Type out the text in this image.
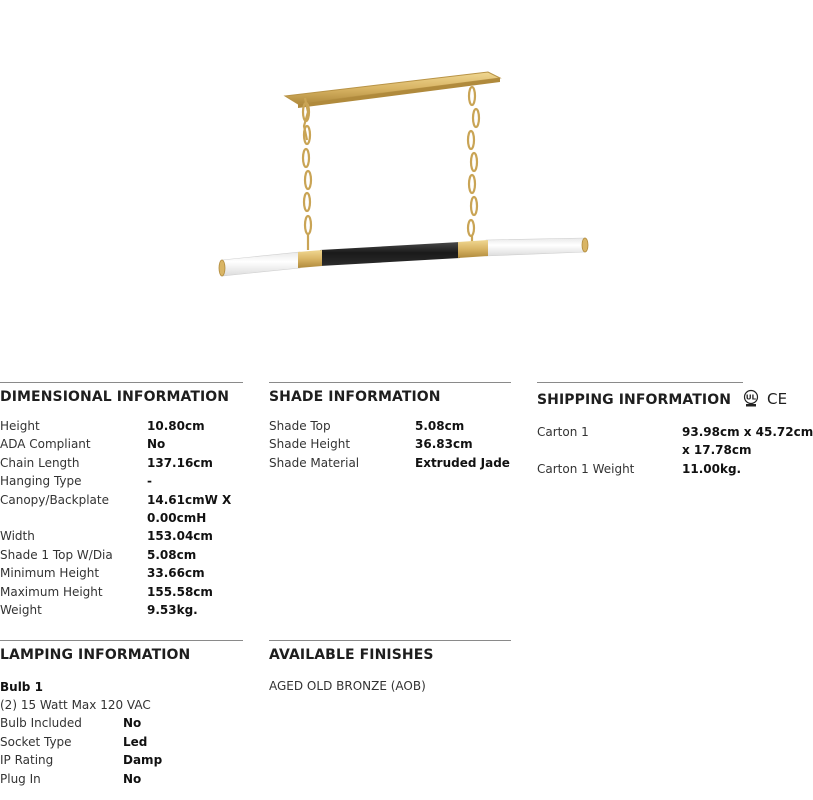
DIMENSIONAL INFORMATION
Height	10.80cm
ADA Compliant	No
Chain Length	137.16cm
Hanging Type	-
Canopy/Backplate	14.61cmW X
0.00cmH
Width	153.04cm
Shade 1 Top W/Dia	5.08cm
Minimum Height	33.66cm
Maximum Height	155.58cm
Weight	9.53kg.
SHADE INFORMATION
Shade Top	5.08cm
Shade Height	36.83cm
Shade Material	Extruded Jade
SHIPPING INFORMATION UL CE
Carton 1	93.98cm x 45.72cm
x 17.78cm
Carton 1 Weight	11.00kg.
LAMPING INFORMATION
Bulb 1
(2) 15 Watt Max 120 VAC
Bulb Included	No
Socket Type	Led
IP Rating	Damp
Plug In	No
AVAILABLE FINISHES
AGED OLD BRONZE (AOB)
